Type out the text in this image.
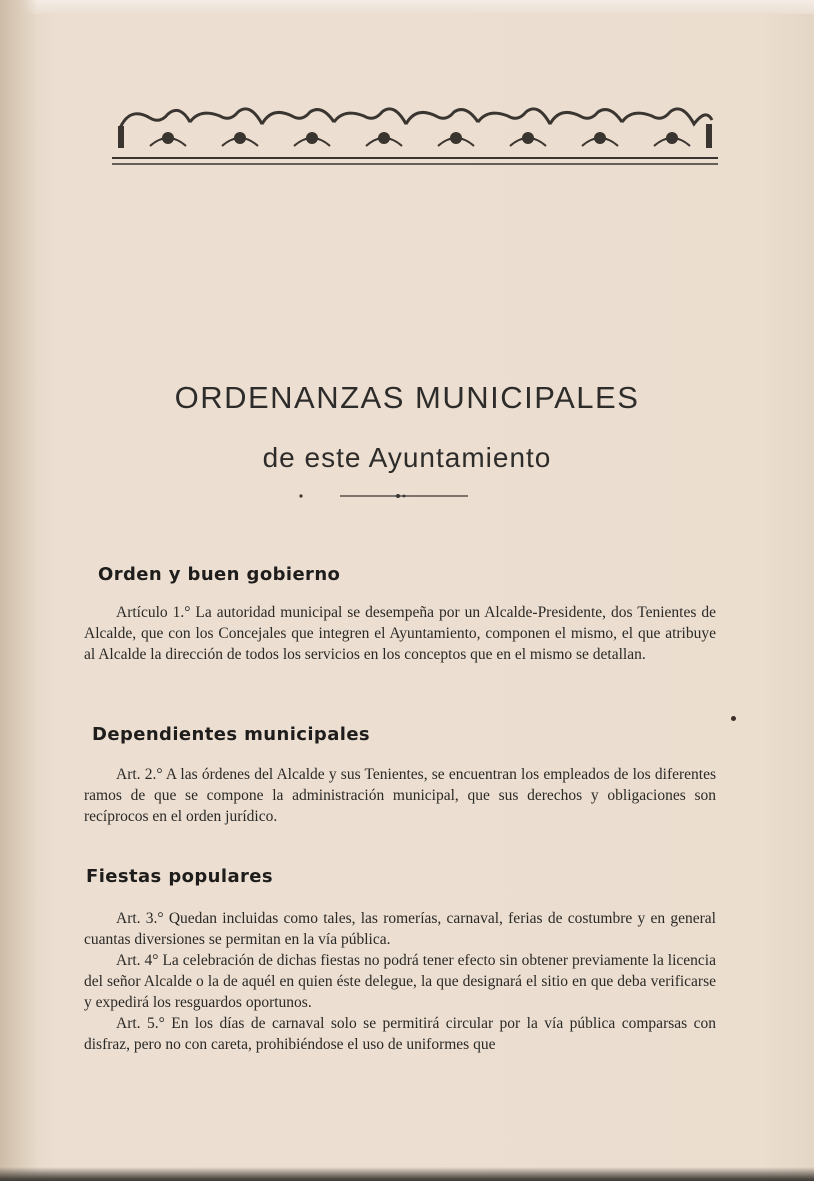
ORDENANZAS MUNICIPALES
de este Ayuntamiento
Orden y buen gobierno

Artículo 1.° La autoridad municipal se desempeña por un Alcalde-Presidente, dos Tenientes de Alcalde, que con los Concejales que integren el Ayuntamiento, componen el mismo, el que atribuye al Alcalde la dirección de todos los servicios en los conceptos que en el mismo se detallan.

Dependientes municipales

Art. 2.° A las órdenes del Alcalde y sus Tenientes, se encuentran los empleados de los diferentes ramos de que se compone la administración municipal, que sus derechos y obligaciones son recíprocos en el orden jurídico.

Fiestas populares

Art. 3.° Quedan incluidas como tales, las romerías, carnaval, ferias de costumbre y en general cuantas diversiones se permitan en la vía pública.

Art. 4° La celebración de dichas fiestas no podrá tener efecto sin obtener previamente la licencia del señor Alcalde o la de aquél en quien éste delegue, la que designará el sitio en que deba verificarse y expedirá los resguardos oportunos.

Art. 5.° En los días de carnaval solo se permitirá circular por la vía pública comparsas con disfraz, pero no con careta, prohibiéndose el uso de uniformes que
